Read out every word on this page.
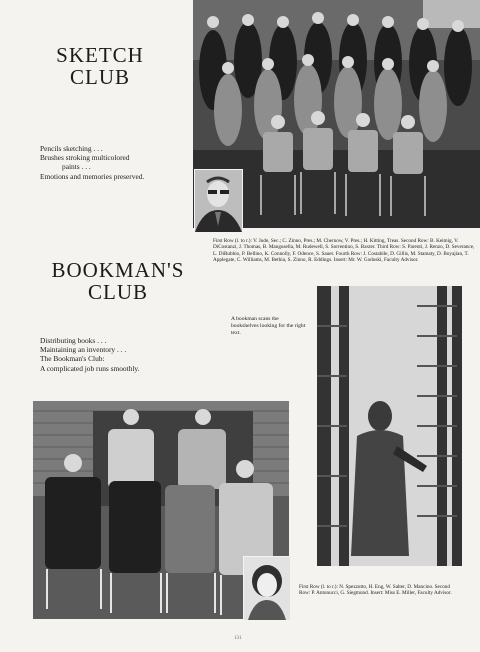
SKETCH
CLUB
Pencils sketching . . .
Brushes stroking multicolored
paints . . .
Emotions and memories preserved.
First Row (l. to r.): V. Jude, Sec.; C. Zinno, Pres.; M. Chernow, V. Pres.; H. Kitting, Treas. Second Row: B. Keimig, V. DiCostanzi, J. Thomas, B. Mangusella, M. Rudewell, S. Sorrentino, S. Baxter. Third Row: S. Parenti, J. Renzo, D. Severance, L. DiRubbio, P. Bellino, K. Connolly, F. Odence, S. Sauer. Fourth Row: J. Costabile, D. Gillis, M. Stamaty, D. Boyajian, T. Applegate, C. Williams, M. Bethia, S. Zinno, R. Eddings. Insert: Mr. W. Godoski, Faculty Advisor.
BOOKMAN'S
CLUB
A bookman scans the bookshelves looking for the right text.
Distributing books . . .
Maintaining an inventory . . .
The Bookman's Club:
A complicated job runs smoothly.
First Row (l. to r.): N. Spezzutto, H. Eng, W. Salter, D. Mancino. Second Row: P. Antonucci, G. Siegmund. Insert: Miss E. Miller, Faculty Advisor.
131
